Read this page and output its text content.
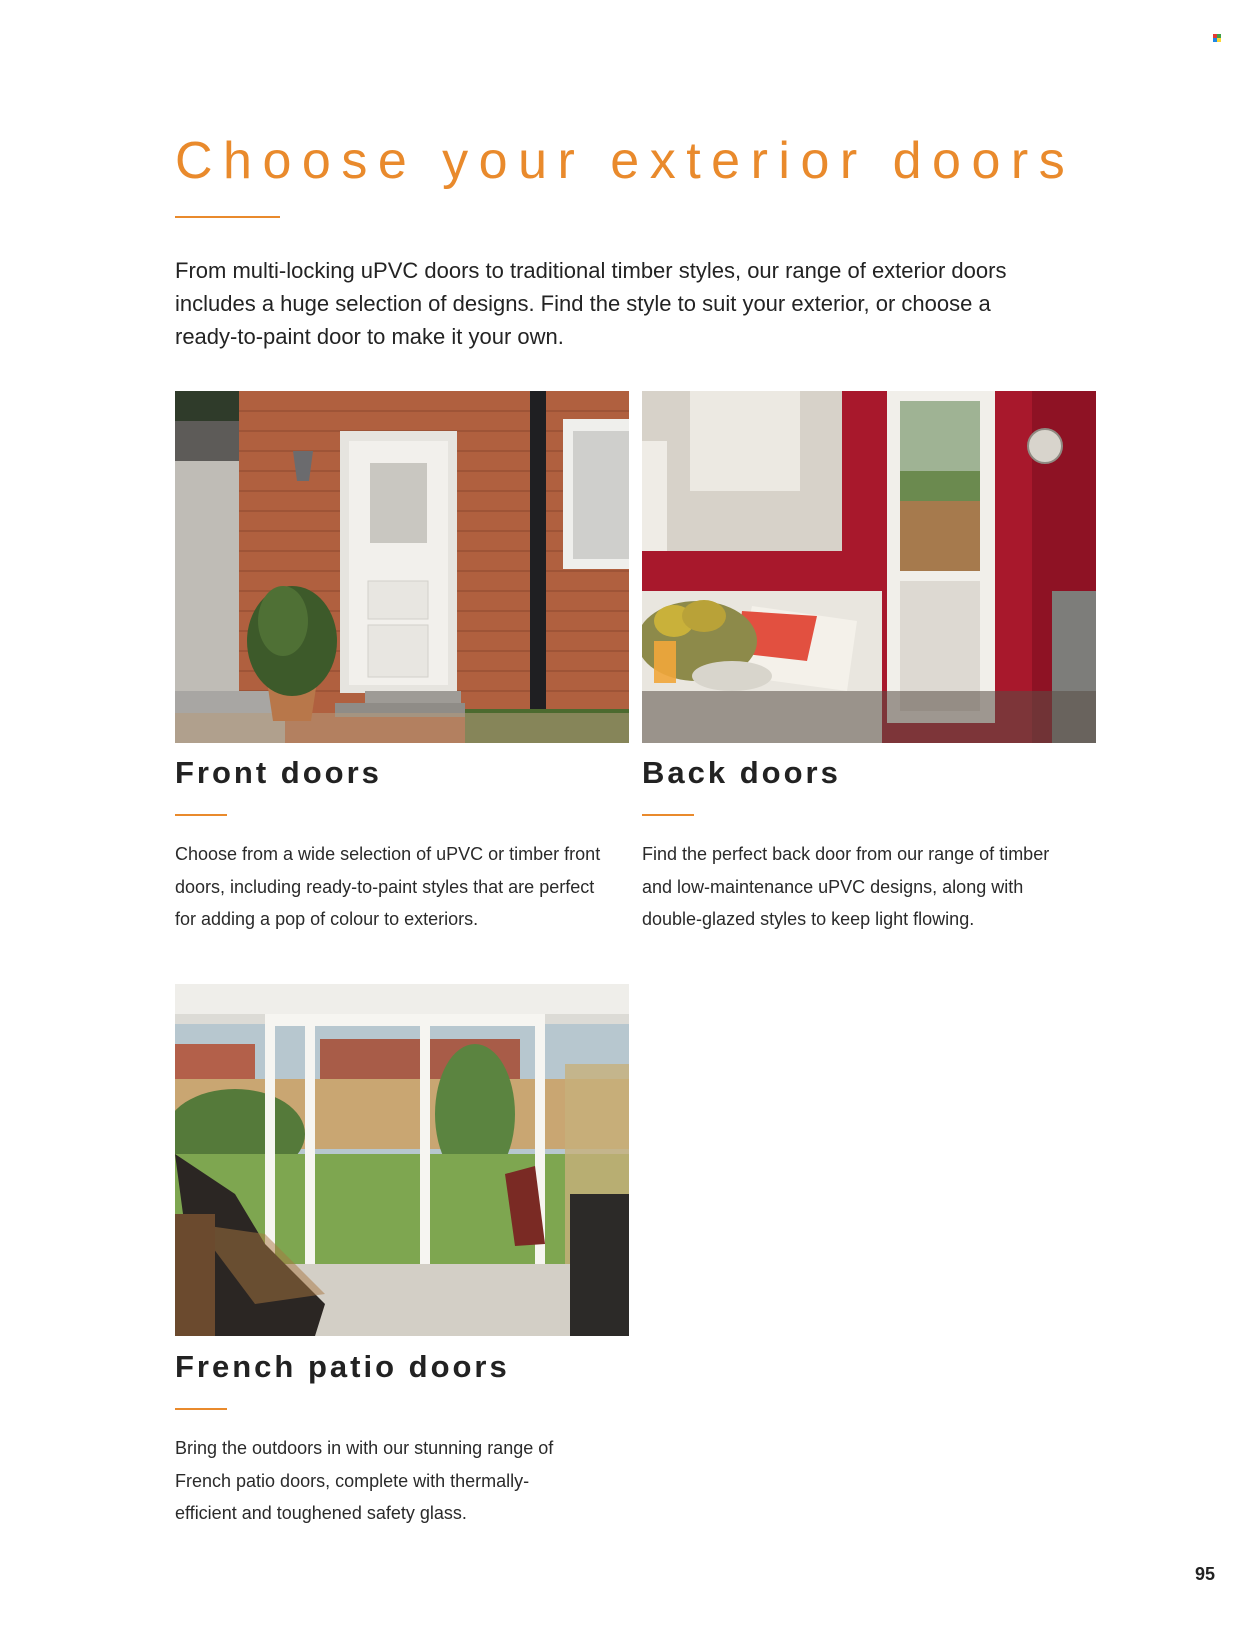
Choose your exterior doors

From multi-locking uPVC doors to traditional timber styles, our range of exterior doors includes a huge selection of designs. Find the style to suit your exterior, or choose a ready-to-paint door to make it your own.

Front doors

Choose from a wide selection of uPVC or timber front doors, including ready-to-paint styles that are perfect for adding a pop of colour to exteriors.

Back doors

Find the perfect back door from our range of timber and low-maintenance uPVC designs, along with double-glazed styles to keep light flowing.

French patio doors

Bring the outdoors in with our stunning range of French patio doors, complete with thermally-efficient and toughened safety glass.

95
